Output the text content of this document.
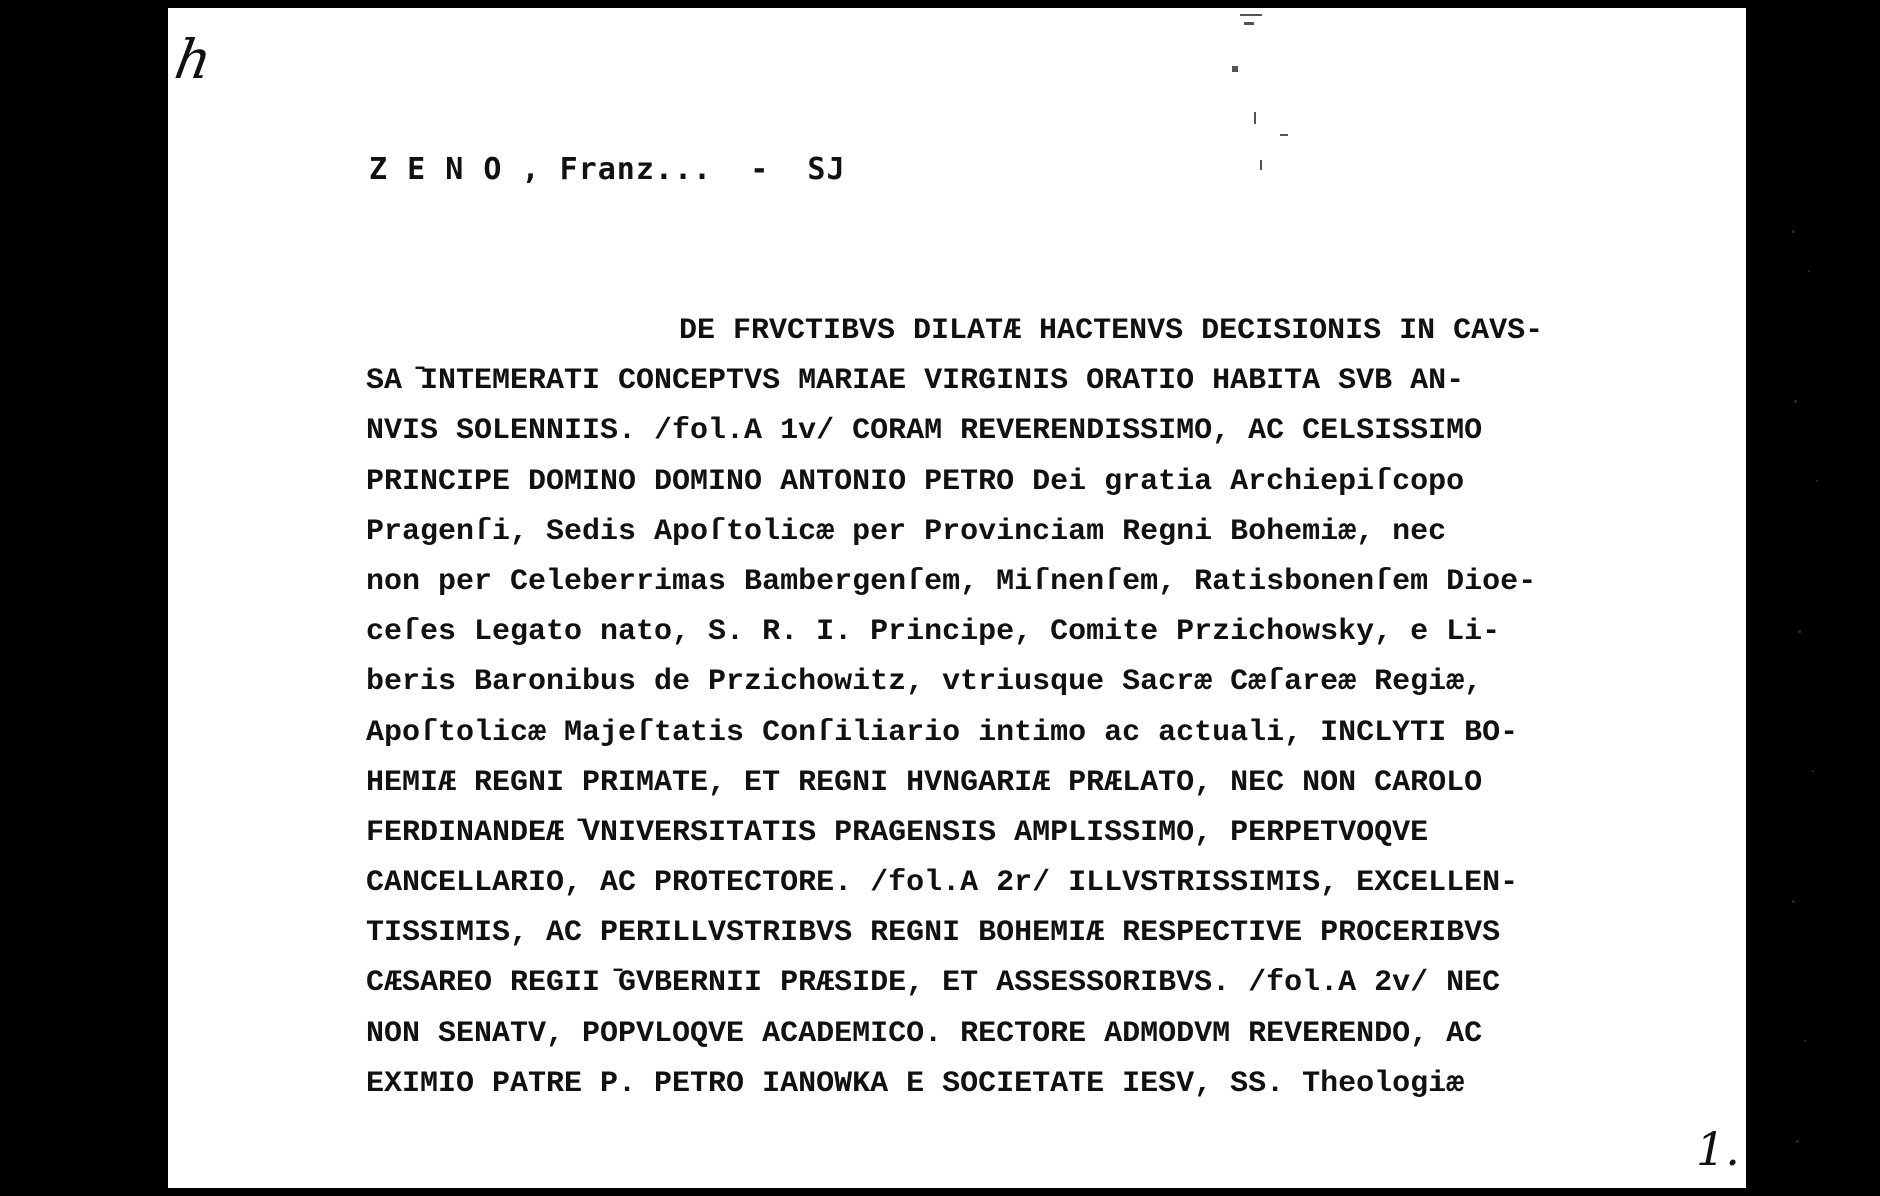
h
Z E N O , Franz...  -  SJ
DE FRVCTIBVS DILATÆ HACTENVS DECISIONIS IN CAVS-
SA ̄INTEMERATI CONCEPTVS MARIAE VIRGINIS ORATIO HABITA SVB AN-
NVIS SOLENNIIS. /fol.A 1v/ CORAM REVERENDISSIMO, AC CELSISSIMO
PRINCIPE DOMINO DOMINO ANTONIO PETRO Dei gratia Archiepiſcopo
Pragenſi, Sedis Apoſtolicæ per Provinciam Regni Bohemiæ, nec
non per Celeberrimas Bambergenſem, Miſnenſem, Ratisbonenſem Dioe-
ceſes Legato nato, S. R. I. Principe, Comite Przichowsky, e Li-
beris Baronibus de Przichowitz, vtriusque Sacræ Cæſareæ Regiæ,
Apoſtolicæ Majeſtatis Conſiliario intimo ac actuali, INCLYTI BO-
HEMIÆ REGNI PRIMATE, ET REGNI HVNGARIÆ PRÆLATO, NEC NON CAROLO
FERDINANDEÆ ̄VNIVERSITATIS PRAGENSIS AMPLISSIMO, PERPETVOQVE
CANCELLARIO, AC PROTECTORE. /fol.A 2r/ ILLVSTRISSIMIS, EXCELLEN-
TISSIMIS, AC PERILLVSTRIBVS REGNI BOHEMIÆ RESPECTIVE PROCERIBVS
CÆSAREO REGII ̄GVBERNII PRÆSIDE, ET ASSESSORIBVS. /fol.A 2v/ NEC
NON SENATV, POPVLOQVE ACADEMICO. RECTORE ADMODVM REVERENDO, AC
EXIMIO PATRE P. PETRO IANOWKA E SOCIETATE IESV, SS. Theologiæ
1.
